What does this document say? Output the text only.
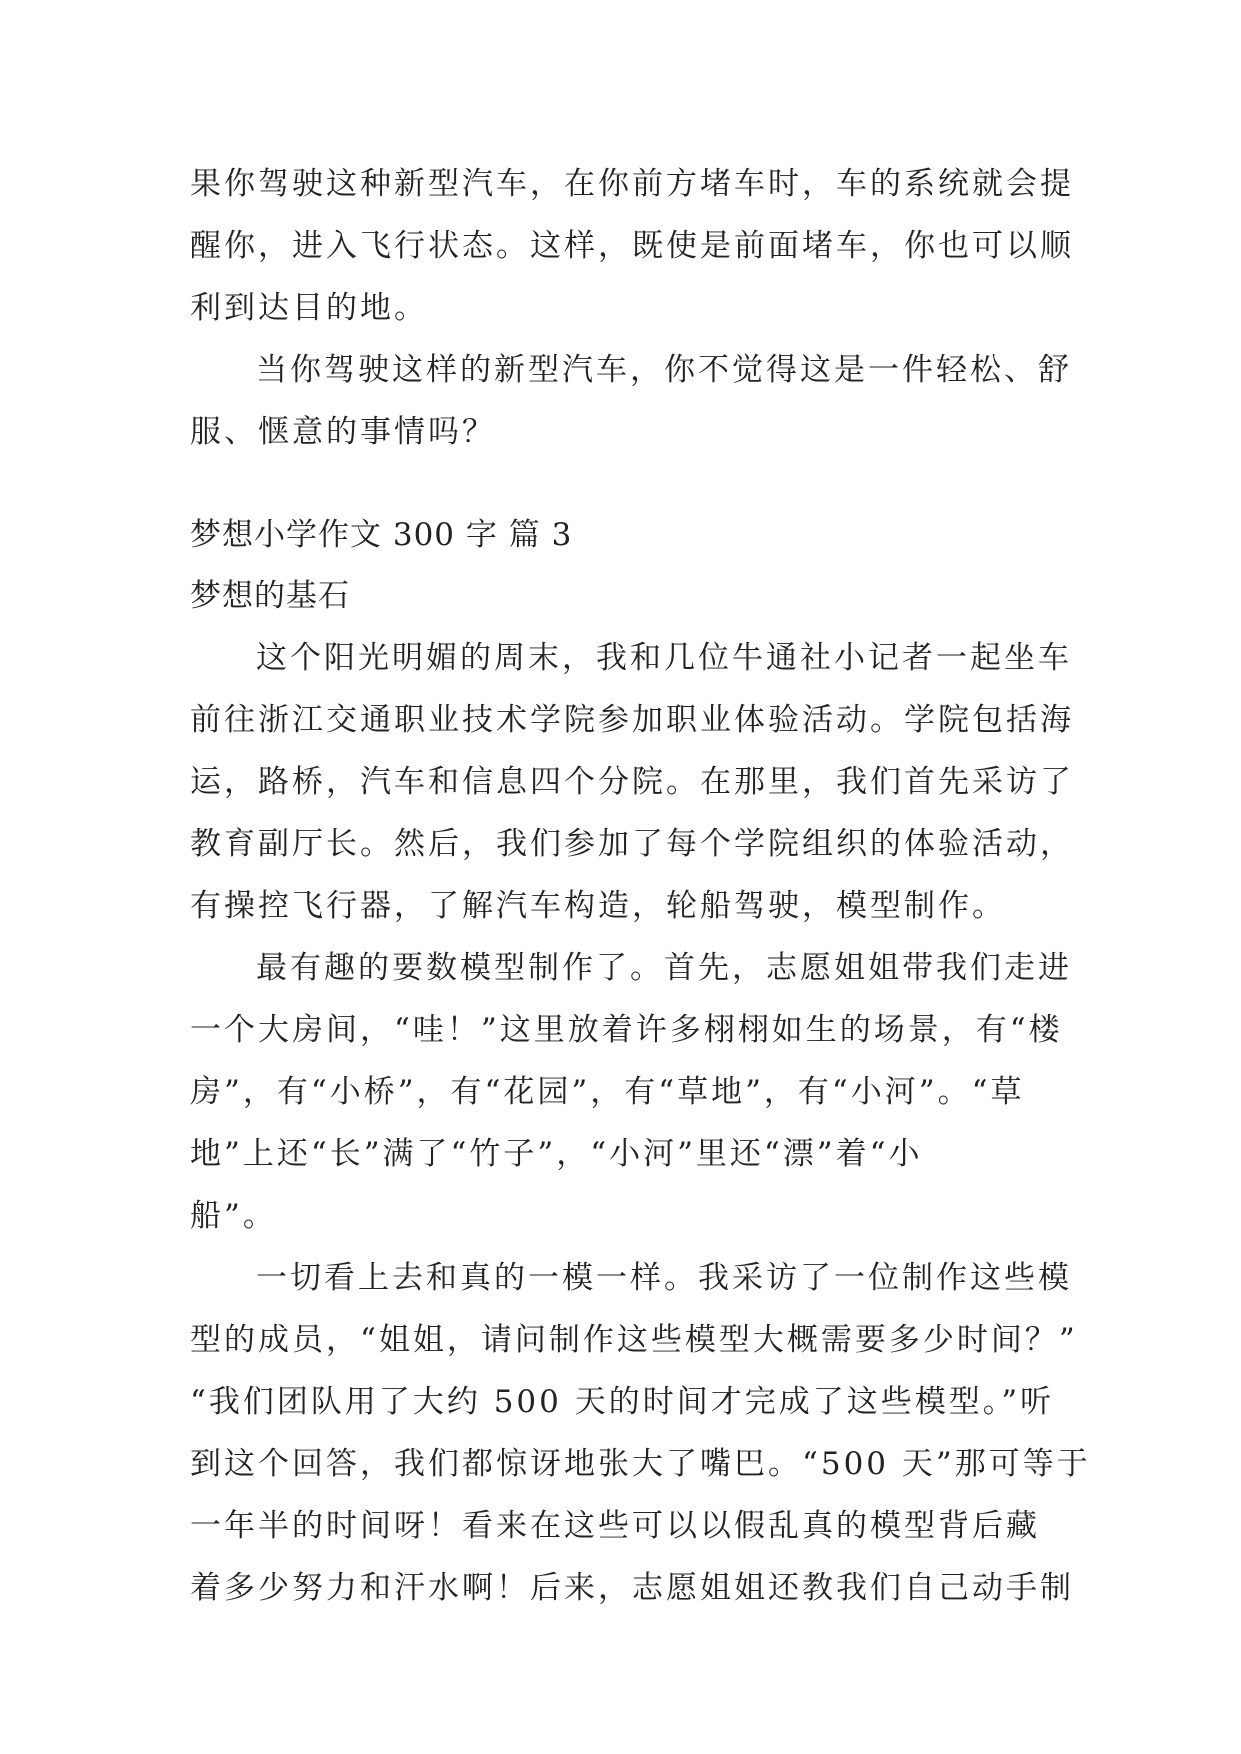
果你驾驶这种新型汽车，在你前方堵车时，车的系统就会提
醒你，进入飞行状态。这样，既使是前面堵车，你也可以顺
利到达目的地。
当你驾驶这样的新型汽车，你不觉得这是一件轻松、舒
服、惬意的事情吗？
梦想小学作文 300 字 篇 3
梦想的基石
这个阳光明媚的周末，我和几位牛通社小记者一起坐车
前往浙江交通职业技术学院参加职业体验活动。学院包括海
运，路桥，汽车和信息四个分院。在那里，我们首先采访了
教育副厅长。然后，我们参加了每个学院组织的体验活动，
有操控飞行器，了解汽车构造，轮船驾驶，模型制作。
最有趣的要数模型制作了。首先，志愿姐姐带我们走进
一个大房间，“哇！”这里放着许多栩栩如生的场景，有“楼
房”，有“小桥”，有“花园”，有“草地”，有“小河”。“草
地”上还“长”满了“竹子”，“小河”里还“漂”着“小
船”。
一切看上去和真的一模一样。我采访了一位制作这些模
型的成员，“姐姐，请问制作这些模型大概需要多少时间？”
“我们团队用了大约 500 天的时间才完成了这些模型。”听
到这个回答，我们都惊讶地张大了嘴巴。“500 天”那可等于
一年半的时间呀！看来在这些可以以假乱真的模型背后藏
着多少努力和汗水啊！后来，志愿姐姐还教我们自己动手制
